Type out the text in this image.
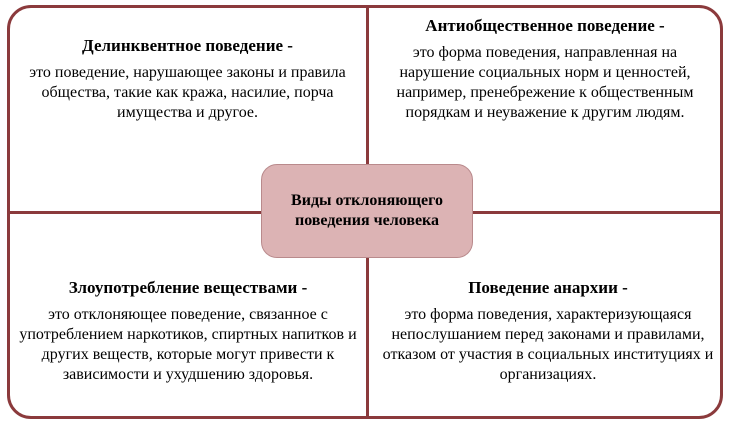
Делинквентное поведение -
это поведение, нарушающее законы и правила общества, такие как кража, насилие, порча имущества и другое.
Антиобщественное поведение -
это форма поведения, направленная на нарушение социальных норм и ценностей, например, пренебрежение к общественным порядкам и неуважение к другим людям.
Злоупотребление веществами -
это отклоняющее поведение, связанное с употреблением наркотиков, спиртных напитков и других веществ, которые могут привести к зависимости и ухудшению здоровья.
Поведение анархии -
это форма поведения, характеризующаяся непослушанием перед законами и правилами, отказом от участия в социальных институциях и организациях.
Виды отклоняющего поведения человека
